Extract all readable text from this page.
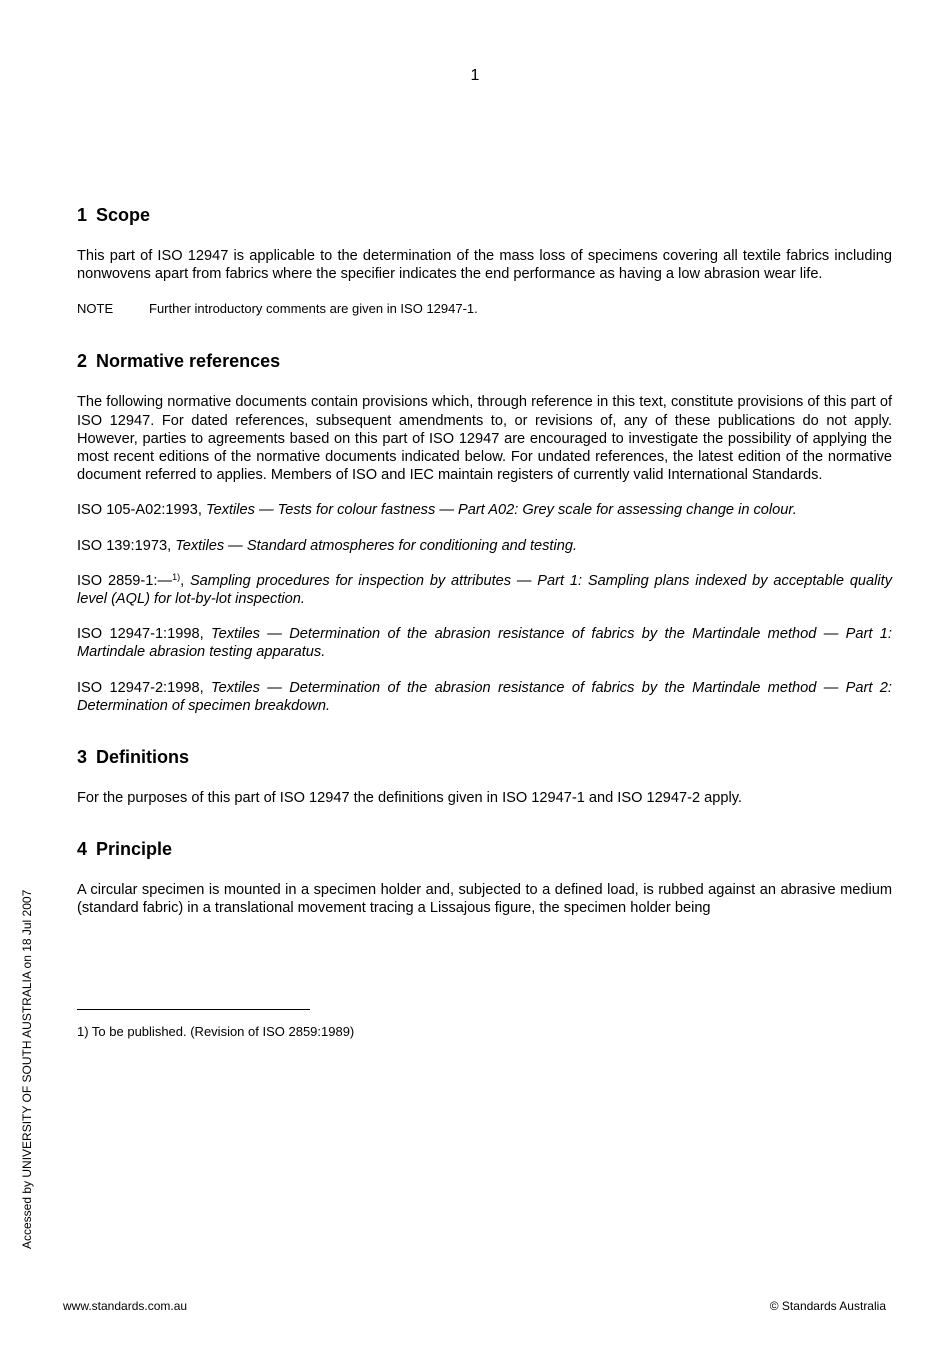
1
1 Scope

This part of ISO 12947 is applicable to the determination of the mass loss of specimens covering all textile fabrics including nonwovens apart from fabrics where the specifier indicates the end performance as having a low abrasion wear life.

NOTE	Further introductory comments are given in ISO 12947-1.
2 Normative references

The following normative documents contain provisions which, through reference in this text, constitute provisions of this part of ISO 12947. For dated references, subsequent amendments to, or revisions of, any of these publications do not apply. However, parties to agreements based on this part of ISO 12947 are encouraged to investigate the possibility of applying the most recent editions of the normative documents indicated below. For undated references, the latest edition of the normative document referred to applies. Members of ISO and IEC maintain registers of currently valid International Standards.

ISO 105-A02:1993, Textiles — Tests for colour fastness — Part A02: Grey scale for assessing change in colour.

ISO 139:1973, Textiles — Standard atmospheres for conditioning and testing.

ISO 2859-1:—$^{1)}$, Sampling procedures for inspection by attributes — Part 1: Sampling plans indexed by acceptable quality level (AQL) for lot-by-lot inspection.

ISO 12947-1:1998, Textiles — Determination of the abrasion resistance of fabrics by the Martindale method — Part 1: Martindale abrasion testing apparatus.

ISO 12947-2:1998, Textiles — Determination of the abrasion resistance of fabrics by the Martindale method — Part 2: Determination of specimen breakdown.

3 Definitions

For the purposes of this part of ISO 12947 the definitions given in ISO 12947-1 and ISO 12947-2 apply.

4 Principle

A circular specimen is mounted in a specimen holder and, subjected to a defined load, is rubbed against an abrasive medium (standard fabric) in a translational movement tracing a Lissajous figure, the specimen holder being

1) To be published. (Revision of ISO 2859:1989)
Accessed by UNIVERSITY OF SOUTH AUSTRALIA on 18 Jul 2007
www.standards.com.au	© Standards Australia
